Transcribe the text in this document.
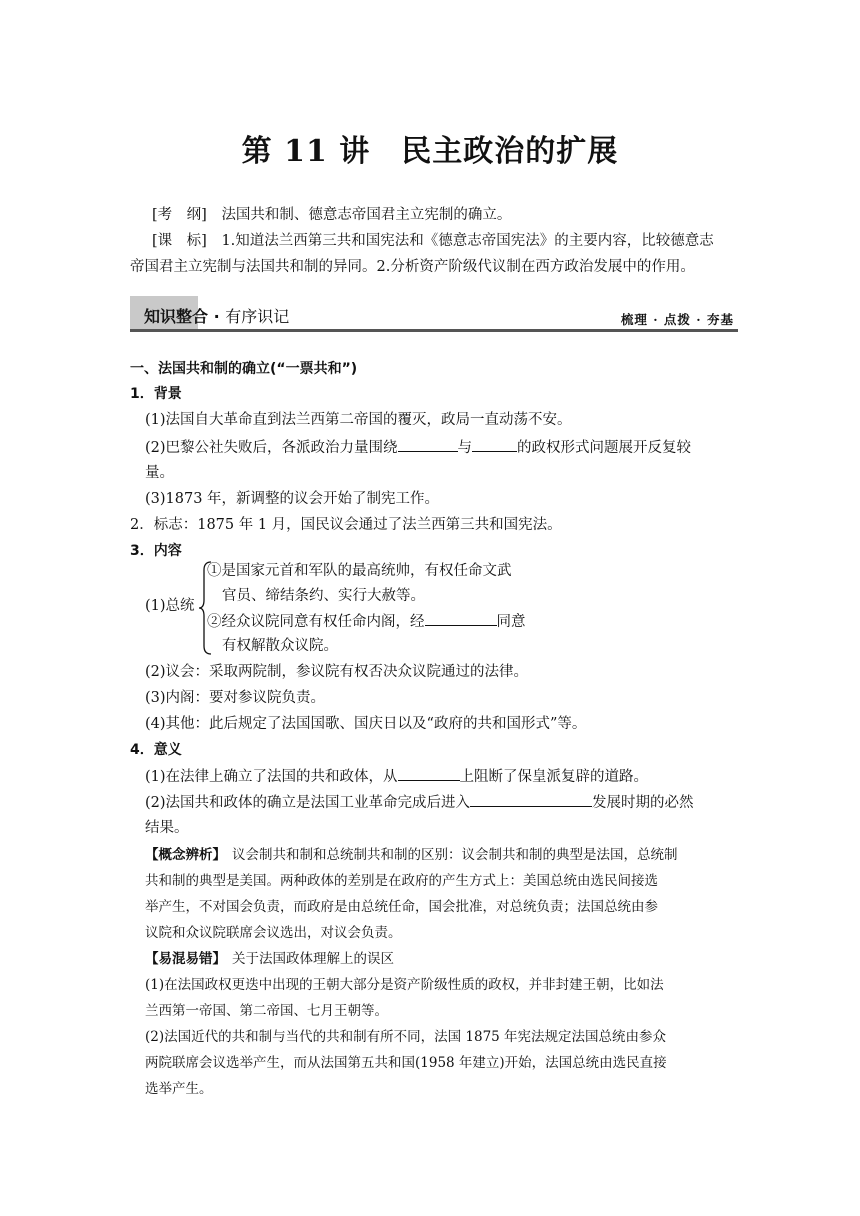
第 11 讲　民主政治的扩展
[考　纲] 法国共和制、德意志帝国君主立宪制的确立。
[课　标] 1.知道法兰西第三共和国宪法和《德意志帝国宪法》的主要内容，比较德意志
帝国君主立宪制与法国共和制的异同。2.分析资产阶级代议制在西方政治发展中的作用。
知识整合 · 有序识记	梳理 · 点拨 · 夯基
一、法国共和制的确立(“一票共和”)
1．背景
(1)法国自大革命直到法兰西第二帝国的覆灭，政局一直动荡不安。
(2)巴黎公社失败后，各派政治力量围绕	与	的政权形式问题展开反复较
量。
(3)1873 年，新调整的议会开始了制宪工作。
2．标志：1875 年 1 月，国民议会通过了法兰西第三共和国宪法。
3．内容
(1)总统
①是国家元首和军队的最高统帅，有权任命文武
官员、缔结条约、实行大赦等。
②经众议院同意有权任命内阁，经	同意
有权解散众议院。
(2)议会：采取两院制，参议院有权否决众议院通过的法律。
(3)内阁：要对参议院负责。
(4)其他：此后规定了法国国歌、国庆日以及“政府的共和国形式”等。
4．意义
(1)在法律上确立了法国的共和政体，从	上阻断了保皇派复辟的道路。
(2)法国共和政体的确立是法国工业革命完成后进入	发展时期的必然
结果。
【概念辨析】 议会制共和制和总统制共和制的区别：议会制共和制的典型是法国，总统制
共和制的典型是美国。两种政体的差别是在政府的产生方式上：美国总统由选民间接选
举产生，不对国会负责，而政府是由总统任命，国会批准，对总统负责；法国总统由参
议院和众议院联席会议选出，对议会负责。
【易混易错】 关于法国政体理解上的误区
(1)在法国政权更迭中出现的王朝大部分是资产阶级性质的政权，并非封建王朝，比如法
兰西第一帝国、第二帝国、七月王朝等。
(2)法国近代的共和制与当代的共和制有所不同，法国 1875 年宪法规定法国总统由参众
两院联席会议选举产生，而从法国第五共和国(1958 年建立)开始，法国总统由选民直接
选举产生。
